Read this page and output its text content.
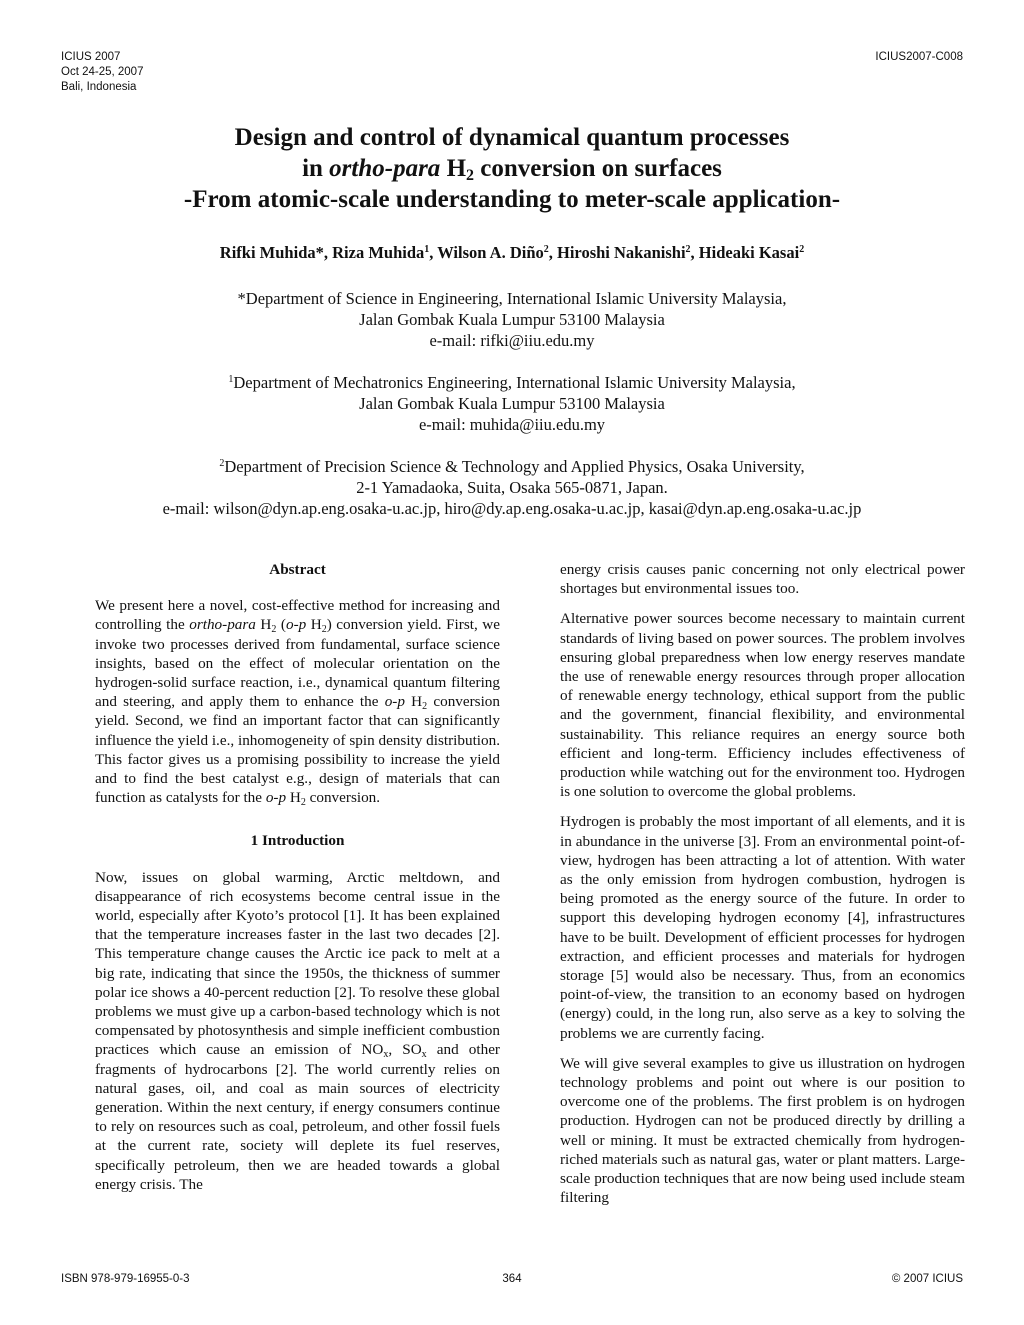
ICIUS 2007
Oct 24-25, 2007
Bali, Indonesia
ICIUS2007-C008
Design and control of dynamical quantum processes
in ortho-para $H_2$ conversion on surfaces
-From atomic-scale understanding to meter-scale application-
Rifki Muhida*, Riza Muhida$^1$, Wilson A. Diño$^2$, Hiroshi Nakanishi$^2$, Hideaki Kasai$^2$
*Department of Science in Engineering, International Islamic University Malaysia,
Jalan Gombak Kuala Lumpur 53100 Malaysia
e-mail: rifki@iiu.edu.my
$^1$Department of Mechatronics Engineering, International Islamic University Malaysia,
Jalan Gombak Kuala Lumpur 53100 Malaysia
e-mail: muhida@iiu.edu.my
$^2$Department of Precision Science & Technology and Applied Physics, Osaka University,
2-1 Yamadaoka, Suita, Osaka 565-0871, Japan.
e-mail: wilson@dyn.ap.eng.osaka-u.ac.jp, hiro@dy.ap.eng.osaka-u.ac.jp, kasai@dyn.ap.eng.osaka-u.ac.jp
Abstract

We present here a novel, cost-effective method for increasing and controlling the ortho-para $H_2$ (o-p $H_2$) conversion yield. First, we invoke two processes derived from fundamental, surface science insights, based on the effect of molecular orientation on the hydrogen-solid surface reaction, i.e., dynamical quantum filtering and steering, and apply them to enhance the o-p $H_2$ conversion yield. Second, we find an important factor that can significantly influence the yield i.e., inhomogeneity of spin density distribution. This factor gives us a promising possibility to increase the yield and to find the best catalyst e.g., design of materials that can function as catalysts for the o-p $H_2$ conversion.

1 Introduction

Now, issues on global warming, Arctic meltdown, and disappearance of rich ecosystems become central issue in the world, especially after Kyoto’s protocol [1]. It has been explained that the temperature increases faster in the last two decades [2]. This temperature change causes the Arctic ice pack to melt at a big rate, indicating that since the 1950s, the thickness of summer polar ice shows a 40-percent reduction [2]. To resolve these global problems we must give up a carbon-based technology which is not compensated by photosynthesis and simple inefficient combustion practices which cause an emission of $NO_x$, $SO_x$ and other fragments of hydrocarbons [2]. The world currently relies on natural gases, oil, and coal as main sources of electricity generation. Within the next century, if energy consumers continue to rely on resources such as coal, petroleum, and other fossil fuels at the current rate, society will deplete its fuel reserves, specifically petroleum, then we are headed towards a global energy crisis. The

energy crisis causes panic concerning not only electrical power shortages but environmental issues too.

Alternative power sources become necessary to maintain current standards of living based on power sources. The problem involves ensuring global preparedness when low energy reserves mandate the use of renewable energy resources through proper allocation of renewable energy technology, ethical support from the public and the government, financial flexibility, and environmental sustainability. This reliance requires an energy source both efficient and long-term. Efficiency includes effectiveness of production while watching out for the environment too. Hydrogen is one solution to overcome the global problems.

Hydrogen is probably the most important of all elements, and it is in abundance in the universe [3]. From an environmental point-of-view, hydrogen has been attracting a lot of attention. With water as the only emission from hydrogen combustion, hydrogen is being promoted as the energy source of the future. In order to support this developing hydrogen economy [4], infrastructures have to be built. Development of efficient processes for hydrogen extraction, and efficient processes and materials for hydrogen storage [5] would also be necessary. Thus, from an economics point-of-view, the transition to an economy based on hydrogen (energy) could, in the long run, also serve as a key to solving the problems we are currently facing.

We will give several examples to give us illustration on hydrogen technology problems and point out where is our position to overcome one of the problems. The first problem is on hydrogen production. Hydrogen can not be produced directly by drilling a well or mining. It must be extracted chemically from hydrogen-riched materials such as natural gas, water or plant matters. Large-scale production techniques that are now being used include steam filtering

ISBN 978-979-16955-0-3	364	© 2007 ICIUS
